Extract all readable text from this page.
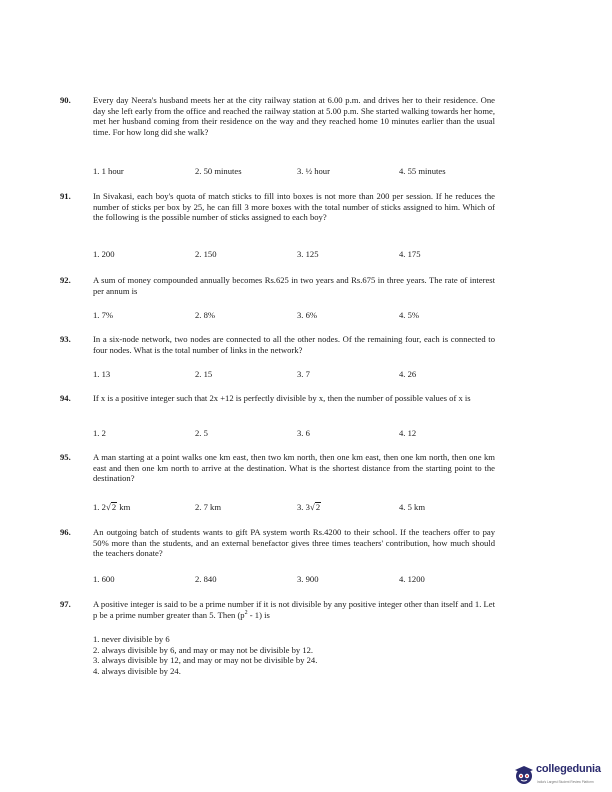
90.	Every day Neera's husband meets her at the city railway station at 6.00 p.m. and drives her to their residence. One day she left early from the office and reached the railway station at 5.00 p.m. She started walking towards her home, met her husband coming from their residence on the way and they reached home 10 minutes earlier than the usual time. For how long did she walk?
1. 1 hour	2. 50 minutes	3. ½ hour	4. 55 minutes
91.	In Sivakasi, each boy's quota of match sticks to fill into boxes is not more than 200 per session. If he reduces the number of sticks per box by 25, he can fill 3 more boxes with the total number of sticks assigned to him. Which of the following is the possible number of sticks assigned to each boy?
1. 200	2. 150	3. 125	4. 175
92.	A sum of money compounded annually becomes Rs.625 in two years and Rs.675 in three years. The rate of interest per annum is
1. 7%	2. 8%	3. 6%	4. 5%
93.	In a six-node network, two nodes are connected to all the other nodes. Of the remaining four, each is connected to four nodes. What is the total number of links in the network?
1. 13	2. 15	3. 7	4. 26
94.	If x is a positive integer such that 2x +12 is perfectly divisible by x, then the number of possible values of x is
1. 2	2. 5	3. 6	4. 12
95.	A man starting at a point walks one km east, then two km north, then one km east, then one km north, then one km east and then one km north to arrive at the destination. What is the shortest distance from the starting point to the destination?
1. 2√2 km	2. 7 km	3. 3√2	4. 5 km
96.	An outgoing batch of students wants to gift PA system worth Rs.4200 to their school. If the teachers offer to pay 50% more than the students, and an external benefactor gives three times teachers' contribution, how much should the teachers donate?
1. 600	2. 840	3. 900	4. 1200
97.	A positive integer is said to be a prime number if it is not divisible by any positive integer other than itself and 1. Let p be a prime number greater than 5. Then $(p^2 - 1)$ is
1. never divisible by 6
2. always divisible by 6, and may or may not be divisible by 12.
3. always divisible by 12, and may or may not be divisible by 24.
4. always divisible by 24.
collegedunia
India's Largest Student Review Platform
